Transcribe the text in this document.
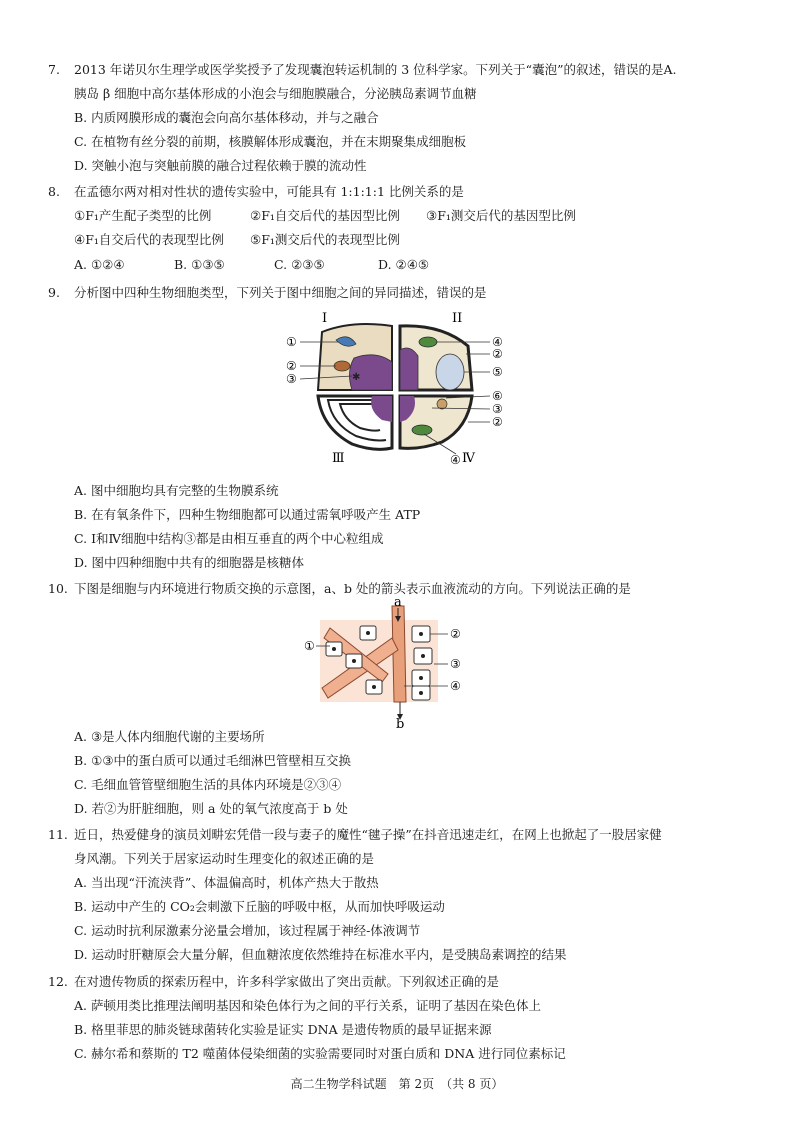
7.	2013 年诺贝尔生理学或医学奖授予了发现囊泡转运机制的 3 位科学家。下列关于“囊泡”的叙述，错误的是A.
胰岛 β 细胞中高尔基体形成的小泡会与细胞膜融合，分泌胰岛素调节血糖
B. 内质网膜形成的囊泡会向高尔基体移动，并与之融合
C. 在植物有丝分裂的前期，核膜解体形成囊泡，并在末期聚集成细胞板
D. 突触小泡与突触前膜的融合过程依赖于膜的流动性
8.	在孟德尔两对相对性状的遗传实验中，可能具有 1:1:1:1 比例关系的是
①F₁产生配子类型的比例	②F₁自交后代的基因型比例 ③F₁测交后代的基因型比例
④F₁自交后代的表现型比例 ⑤F₁测交后代的表现型比例
A. ①②④	B. ①③⑤	C. ②③⑤	D. ②④⑤
9.	分析图中四种生物细胞类型，下列关于图中细胞之间的异同描述，错误的是
✱
I	II
Ⅲ	Ⅳ
①
②
③
④
②
⑤
⑥
③
②
④
A. 图中细胞均具有完整的生物膜系统
B. 在有氧条件下，四种生物细胞都可以通过需氧呼吸产生 ATP
C. Ⅰ和Ⅳ细胞中结构③都是由相互垂直的两个中心粒组成
D. 图中四种细胞中共有的细胞器是核糖体
10. 下图是细胞与内环境进行物质交换的示意图，a、b 处的箭头表示血液流动的方向。下列说法正确的是
a
b
①
②
③
④
A. ③是人体内细胞代谢的主要场所
B. ①③中的蛋白质可以通过毛细淋巴管壁相互交换
C. 毛细血管管壁细胞生活的具体内环境是②③④
D. 若②为肝脏细胞，则 a 处的氧气浓度高于 b 处
11. 近日，热爱健身的演员刘畊宏凭借一段与妻子的魔性“毽子操”在抖音迅速走红，在网上也掀起了一股居家健
身风潮。下列关于居家运动时生理变化的叙述正确的是
A. 当出现“汗流浃背”、体温偏高时，机体产热大于散热
B. 运动中产生的 CO₂会刺激下丘脑的呼吸中枢，从而加快呼吸运动
C. 运动时抗利尿激素分泌量会增加，该过程属于神经-体液调节
D. 运动时肝糖原会大量分解，但血糖浓度依然维持在标准水平内，是受胰岛素调控的结果
12. 在对遗传物质的探索历程中，许多科学家做出了突出贡献。下列叙述正确的是
A. 萨顿用类比推理法阐明基因和染色体行为之间的平行关系，证明了基因在染色体上
B. 格里菲思的肺炎链球菌转化实验是证实 DNA 是遗传物质的最早证据来源
C. 赫尔希和蔡斯的 T2 噬菌体侵染细菌的实验需要同时对蛋白质和 DNA 进行同位素标记
高二生物学科试题　第 2页　（共 8 页）
